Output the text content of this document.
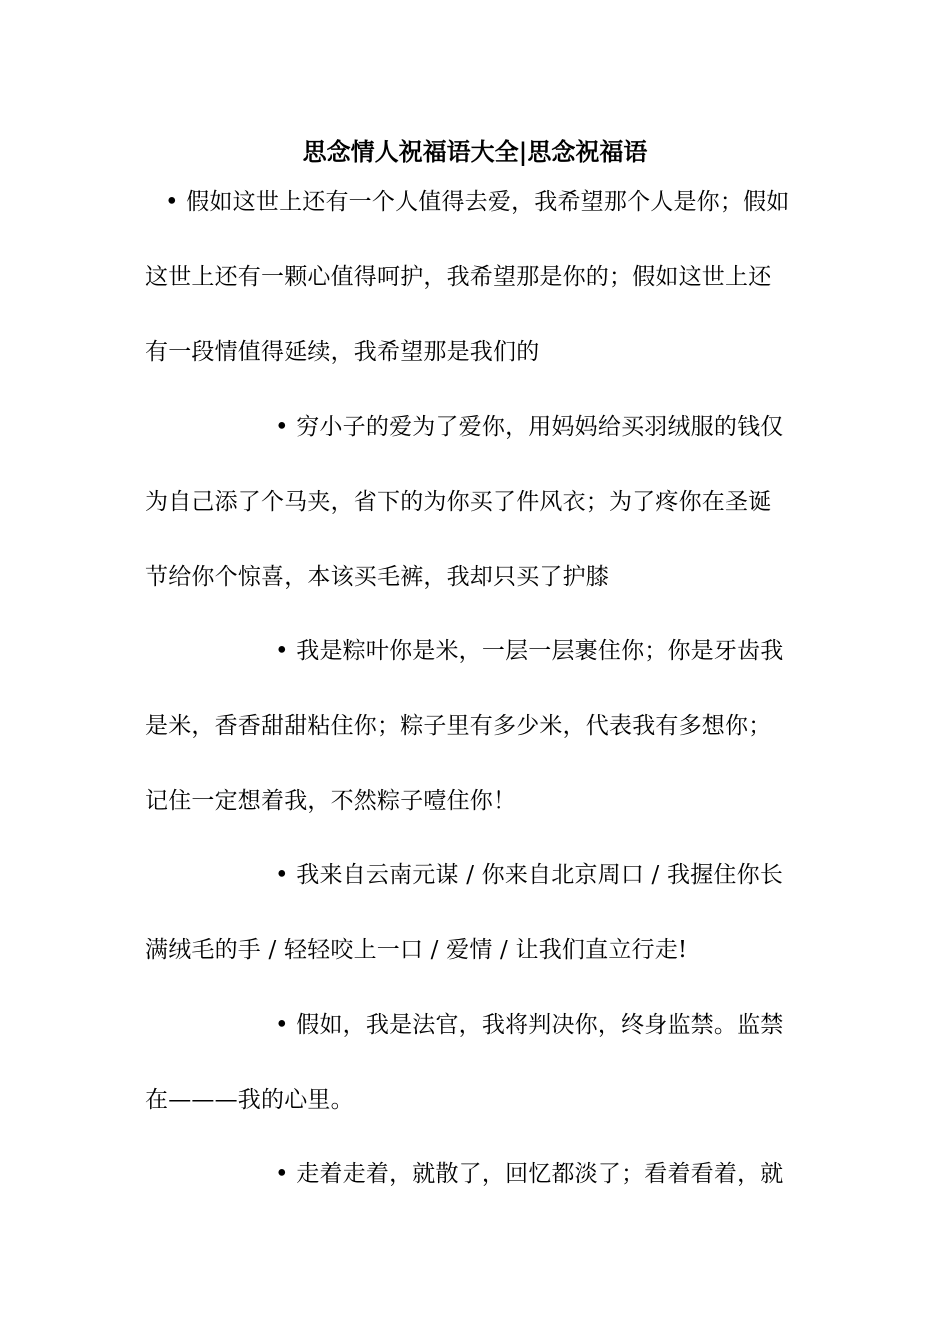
思念情人祝福语大全|思念祝福语
• 假如这世上还有一个人值得去爱，我希望那个人是你；假如
这世上还有一颗心值得呵护，我希望那是你的；假如这世上还
有一段情值得延续，我希望那是我们的
• 穷小子的爱为了爱你，用妈妈给买羽绒服的钱仅
为自己添了个马夹，省下的为你买了件风衣；为了疼你在圣诞
节给你个惊喜，本该买毛裤，我却只买了护膝
• 我是粽叶你是米，一层一层裹住你；你是牙齿我
是米，香香甜甜粘住你；粽子里有多少米，代表我有多想你；
记住一定想着我，不然粽子噎住你！
• 我来自云南元谋 / 你来自北京周口 / 我握住你长
满绒毛的手 / 轻轻咬上一口 / 爱情 / 让我们直立行走!
• 假如，我是法官，我将判决你，终身监禁。监禁
在———我的心里。
• 走着走着，就散了，回忆都淡了；看着看着，就
